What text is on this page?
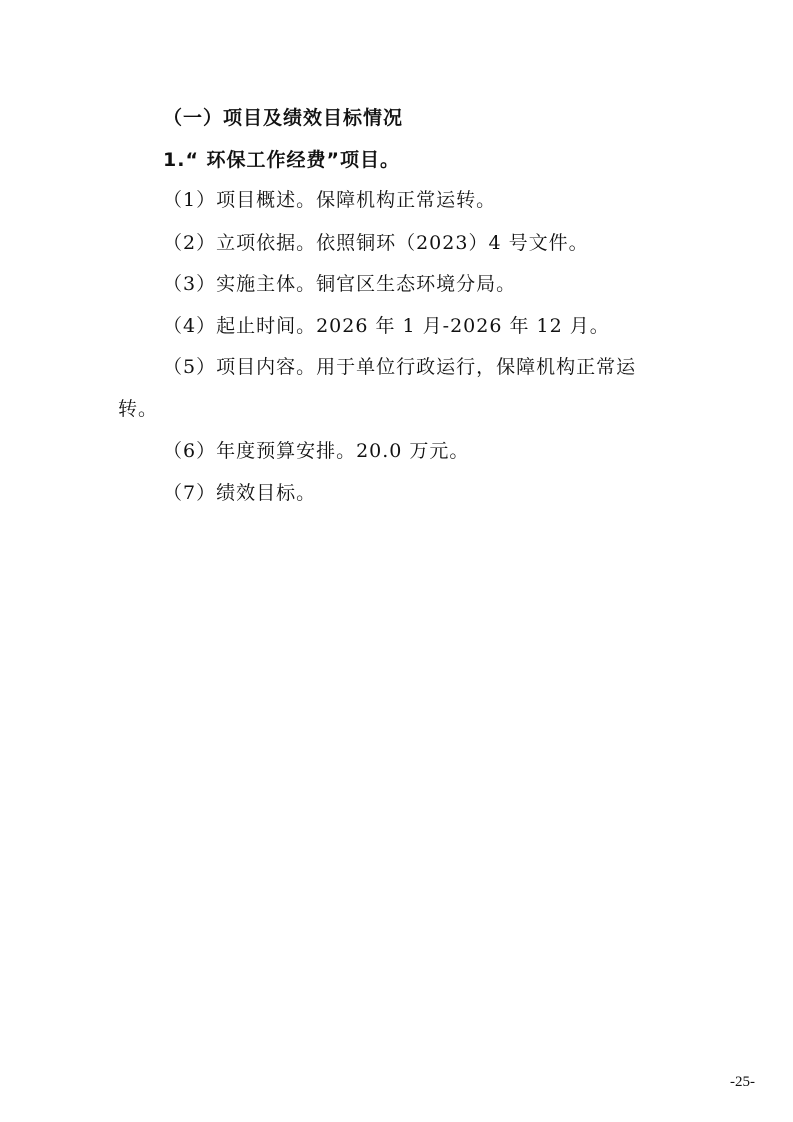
（一）项目及绩效目标情况
1.“ 环保工作经费”项目。
（1）项目概述。保障机构正常运转。
（2）立项依据。依照铜环（2023）4 号文件。
（3）实施主体。铜官区生态环境分局。
（4）起止时间。2026 年 1 月-2026 年 12 月。
（5）项目内容。用于单位行政运行，保障机构正常运
转。
（6）年度预算安排。20.0 万元。
（7）绩效目标。
-25-
